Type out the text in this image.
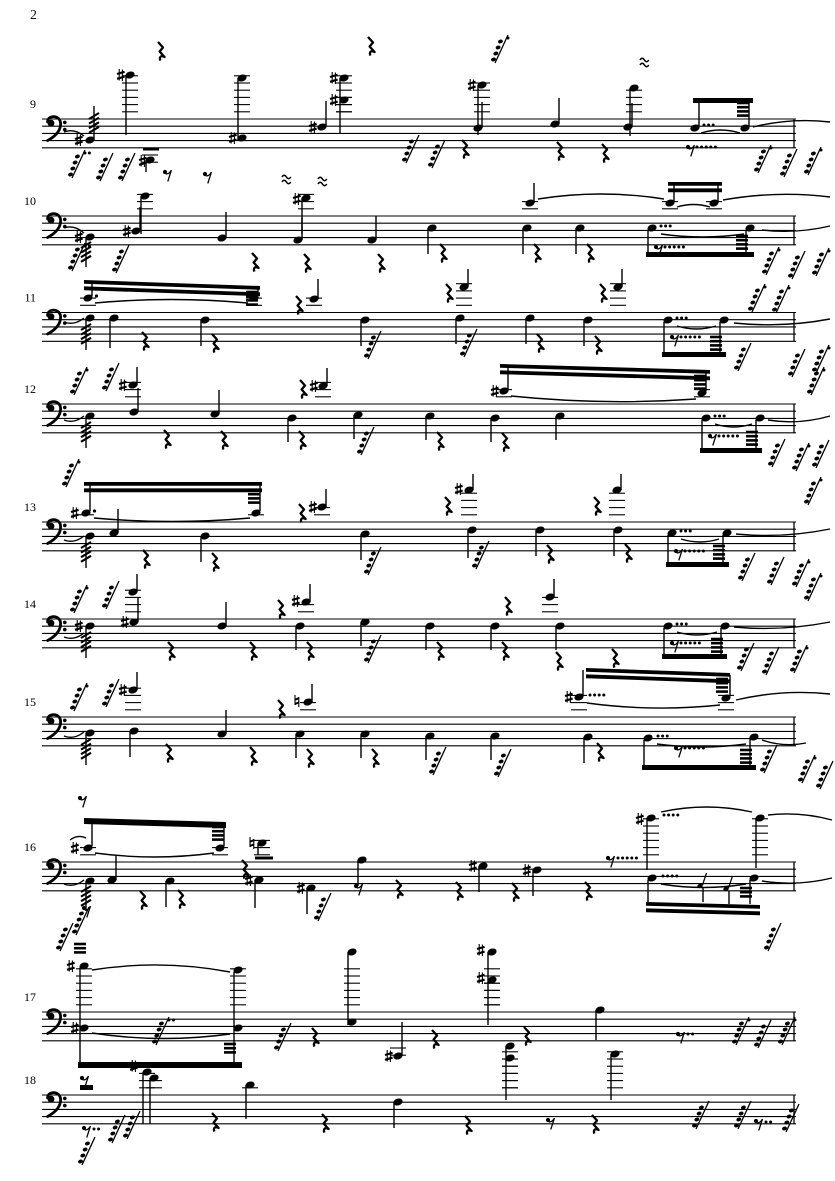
2
9
10
11
12
13
14
15
16
17
18
